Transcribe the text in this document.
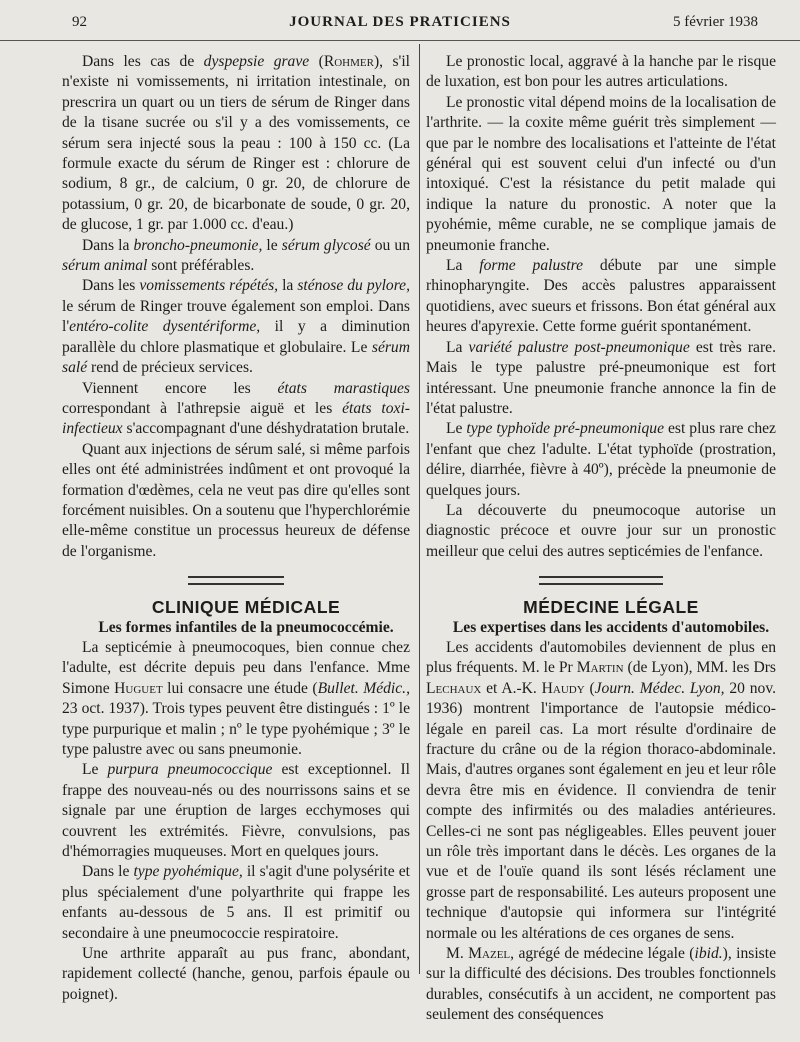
92	JOURNAL DES PRATICIENS	5 février 1938

Dans les cas de dyspepsie grave (Rohmer), s'il n'existe ni vomissements, ni irritation intestinale, on prescrira un quart ou un tiers de sérum de Ringer dans de la tisane sucrée ou s'il y a des vomissements, ce sérum sera injecté sous la peau : 100 à 150 cc. (La formule exacte du sérum de Ringer est : chlorure de sodium, 8 gr., de calcium, 0 gr. 20, de chlorure de potassium, 0 gr. 20, de bicarbonate de soude, 0 gr. 20, de glucose, 1 gr. par 1.000 cc. d'eau.)

Dans la broncho-pneumonie, le sérum glycosé ou un sérum animal sont préférables.

Dans les vomissements répétés, la sténose du pylore, le sérum de Ringer trouve également son emploi. Dans l'entéro-colite dysentériforme, il y a diminution parallèle du chlore plasmatique et globulaire. Le sérum salé rend de précieux services.

Viennent encore les états marastiques correspondant à l'athrepsie aiguë et les états toxi-infectieux s'accompagnant d'une déshydratation brutale.

Quant aux injections de sérum salé, si même parfois elles ont été administrées indûment et ont provoqué la formation d'œdèmes, cela ne veut pas dire qu'elles sont forcément nuisibles. On a soutenu que l'hyperchlorémie elle-même constitue un processus heureux de défense de l'organisme.

CLINIQUE MÉDICALE

Les formes infantiles de la pneumococcémie.

La septicémie à pneumocoques, bien connue chez l'adulte, est décrite depuis peu dans l'enfance. Mme Simone Huguet lui consacre une étude (Bullet. Médic., 23 oct. 1937). Trois types peuvent être distingués : 1º le type purpurique et malin ; nº le type pyohémique ; 3º le type palustre avec ou sans pneumonie.

Le purpura pneumococcique est exceptionnel. Il frappe des nouveau-nés ou des nourrissons sains et se signale par une éruption de larges ecchymoses qui couvrent les extrémités. Fièvre, convulsions, pas d'hémorragies muqueuses. Mort en quelques jours.

Dans le type pyohémique, il s'agit d'une polysérite et plus spécialement d'une polyarthrite qui frappe les enfants au-dessous de 5 ans. Il est primitif ou secondaire à une pneumococcie respiratoire.

Une arthrite apparaît au pus franc, abondant, rapidement collecté (hanche, genou, parfois épaule ou poignet).

Le pronostic local, aggravé à la hanche par le risque de luxation, est bon pour les autres articulations.

Le pronostic vital dépend moins de la localisation de l'arthrite. — la coxite même guérit très simplement — que par le nombre des localisations et l'atteinte de l'état général qui est souvent celui d'un infecté ou d'un intoxiqué. C'est la résistance du petit malade qui indique la nature du pronostic. A noter que la pyohémie, même curable, ne se complique jamais de pneumonie franche.

La forme palustre débute par une simple rhinopharyngite. Des accès palustres apparaissent quotidiens, avec sueurs et frissons. Bon état général aux heures d'apyrexie. Cette forme guérit spontanément.

La variété palustre post-pneumonique est très rare. Mais le type palustre pré-pneumonique est fort intéressant. Une pneumonie franche annonce la fin de l'état palustre.

Le type typhoïde pré-pneumonique est plus rare chez l'enfant que chez l'adulte. L'état typhoïde (prostration, délire, diarrhée, fièvre à 40º), précède la pneumonie de quelques jours.

La découverte du pneumocoque autorise un diagnostic précoce et ouvre jour sur un pronostic meilleur que celui des autres septicémies de l'enfance.

MÉDECINE LÉGALE

Les expertises dans les accidents d'automobiles.

Les accidents d'automobiles deviennent de plus en plus fréquents. M. le Pr Martin (de Lyon), MM. les Drs Lechaux et A.-K. Haudy (Journ. Médec. Lyon, 20 nov. 1936) montrent l'importance de l'autopsie médico-légale en pareil cas. La mort résulte d'ordinaire de fracture du crâne ou de la région thoraco-abdominale. Mais, d'autres organes sont également en jeu et leur rôle devra être mis en évidence. Il conviendra de tenir compte des infirmités ou des maladies antérieures. Celles-ci ne sont pas négligeables. Elles peuvent jouer un rôle très important dans le décès. Les organes de la vue et de l'ouïe quand ils sont lésés réclament une grosse part de responsabilité. Les auteurs proposent une technique d'autopsie qui informera sur l'intégrité normale ou les altérations de ces organes de sens.

M. Mazel, agrégé de médecine légale (ibid.), insiste sur la difficulté des décisions. Des troubles fonctionnels durables, consécutifs à un accident, ne comportent pas seulement des conséquences
